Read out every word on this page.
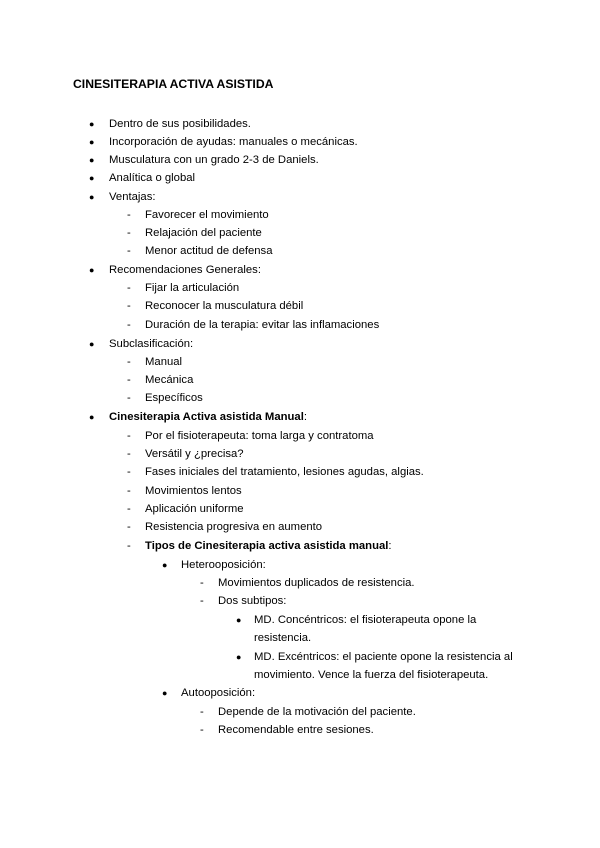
CINESITERAPIA ACTIVA ASISTIDA
● Dentro de sus posibilidades.
● Incorporación de ayudas: manuales o mecánicas.
● Musculatura con un grado 2-3 de Daniels.
● Analítica o global
● Ventajas:
- Favorecer el movimiento
- Relajación del paciente
- Menor actitud de defensa
● Recomendaciones Generales:
- Fijar la articulación
- Reconocer la musculatura débil
- Duración de la terapia: evitar las inflamaciones
● Subclasificación:
- Manual
- Mecánica
- Específicos
● Cinesiterapia Activa asistida Manual:
- Por el fisioterapeuta: toma larga y contratoma
- Versátil y ¿precisa?
- Fases iniciales del tratamiento, lesiones agudas, algias.
- Movimientos lentos
- Aplicación uniforme
- Resistencia progresiva en aumento
- Tipos de Cinesiterapia activa asistida manual:
● Heterooposición:
- Movimientos duplicados de resistencia.
- Dos subtipos:
● MD. Concéntricos: el fisioterapeuta opone la
resistencia.
● MD. Excéntricos: el paciente opone la resistencia al
movimiento. Vence la fuerza del fisioterapeuta.
● Autooposición:
- Depende de la motivación del paciente.
- Recomendable entre sesiones.
